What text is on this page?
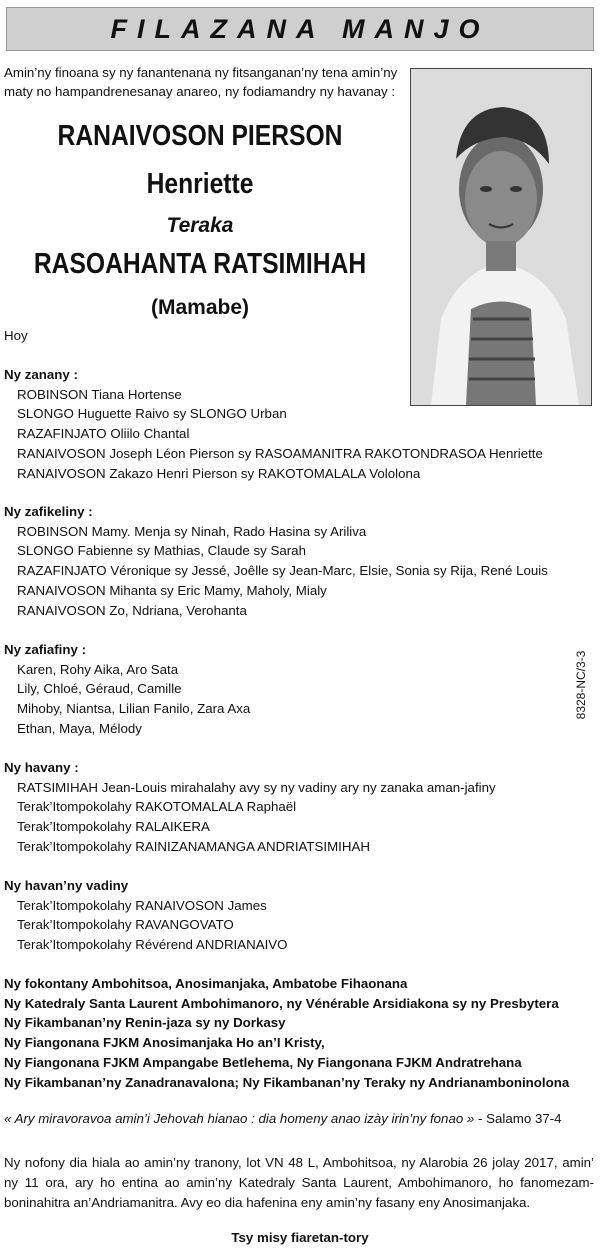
FILAZANA MANJO
Amin’ny finoana sy ny fanantenana ny fitsanganan’ny tena amin’ny maty no hampandrenesanay anareo, ny fodiamandry ny havanay :
RANAIVOSON PIERSON
Henriette
Teraka
RASOAHANTA RATSIMIHAH
(Mamabe)
Hoy
Ny zanany :
ROBINSON Tiana Hortense
SLONGO Huguette Raivo sy SLONGO Urban
RAZAFINJATO Oliilo Chantal
RANAIVOSON Joseph Léon Pierson sy RASOAMANITRA RAKOTONDRASOA Henriette
RANAIVOSON Zakazo Henri Pierson sy RAKOTOMALALA Vololona
Ny zafikeliny :
ROBINSON Mamy. Menja sy Ninah, Rado Hasina sy Ariliva
SLONGO Fabienne sy Mathias, Claude sy Sarah
RAZAFINJATO Véronique sy Jessé, Joêlle sy Jean-Marc, Elsie, Sonia sy Rija, René Louis
RANAIVOSON Mihanta sy Eric Mamy, Maholy, Mialy
RANAIVOSON Zo, Ndriana, Verohanta
Ny zafiafiny :
Karen, Rohy Aika, Aro Sata
Lily, Chloé, Géraud, Camille
Mihoby, Niantsa, Lilian Fanilo, Zara Axa
Ethan, Maya, Mélody
8328-NC/3-3
Ny havany :
RATSIMIHAH Jean-Louis mirahalahy avy sy ny vadiny ary ny zanaka aman-jafiny
Terak’Itompokolahy RAKOTOMALALA Raphaël
Terak’Itompokolahy RALAIKERA
Terak’Itompokolahy RAINIZANAMANGA ANDRIATSIMIHAH
Ny havan’ny vadiny
Terak’Itompokolahy RANAIVOSON James
Terak’Itompokolahy RAVANGOVATO
Terak’Itompokolahy Révérend ANDRIANAIVO
Ny fokontany Ambohitsoa, Anosimanjaka, Ambatobe Fihaonana
Ny Katedraly Santa Laurent Ambohimanoro, ny Vénérable Arsidiakona sy ny Presbytera
Ny Fikambanan’ny Renin-jaza sy ny Dorkasy
Ny Fiangonana FJKM Anosimanjaka Ho an’I Kristy,
Ny Fiangonana FJKM Ampangabe Betlehema, Ny Fiangonana FJKM Andratrehana
Ny Fikambanan’ny Zanadranavalona; Ny Fikambanan’ny Teraky ny Andrianamboninolona
« Ary miravoravoa amin’i Jehovah hianao : dia homeny anao izày irin’ny fonao » - Salamo 37-4
Ny nofony dia hiala ao amin’ny tranony, lot VN 48 L, Ambohitsoa, ny Alarobia 26 jolay 2017, amin’ ny 11 ora, ary ho entina ao amin’ny Katedraly Santa Laurent, Ambohimanoro, ho fanomezam-boninahitra an’Andriamanitra. Avy eo dia hafenina eny amin’ny fasany eny Anosimanjaka.
Tsy misy fiaretan-tory
